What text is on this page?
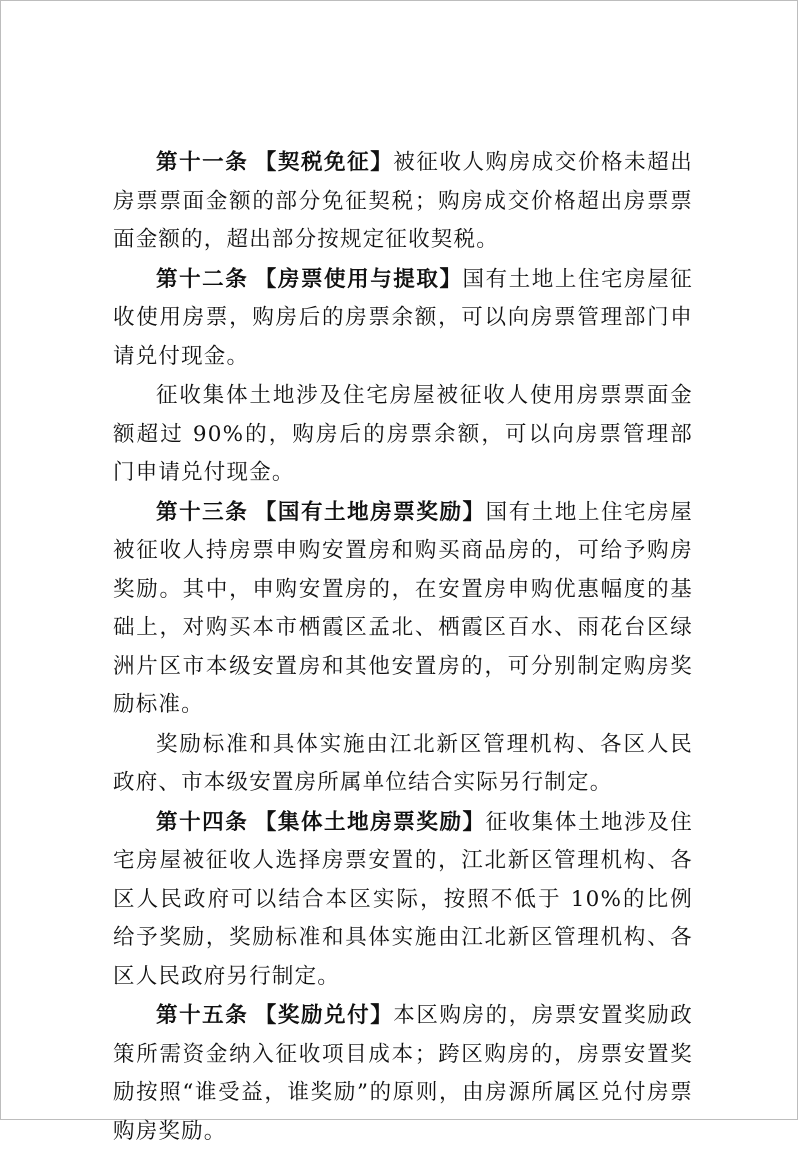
第十一条 【契税免征】被征收人购房成交价格未超出房票票面金额的部分免征契税；购房成交价格超出房票票面金额的，超出部分按规定征收契税。

第十二条 【房票使用与提取】国有土地上住宅房屋征收使用房票，购房后的房票余额，可以向房票管理部门申请兑付现金。

征收集体土地涉及住宅房屋被征收人使用房票票面金额超过 90%的，购房后的房票余额，可以向房票管理部门申请兑付现金。

第十三条 【国有土地房票奖励】国有土地上住宅房屋被征收人持房票申购安置房和购买商品房的，可给予购房奖励。其中，申购安置房的，在安置房申购优惠幅度的基础上，对购买本市栖霞区孟北、栖霞区百水、雨花台区绿洲片区市本级安置房和其他安置房的，可分别制定购房奖励标准。

奖励标准和具体实施由江北新区管理机构、各区人民政府、市本级安置房所属单位结合实际另行制定。

第十四条 【集体土地房票奖励】征收集体土地涉及住宅房屋被征收人选择房票安置的，江北新区管理机构、各区人民政府可以结合本区实际，按照不低于 10%的比例给予奖励，奖励标准和具体实施由江北新区管理机构、各区人民政府另行制定。

第十五条 【奖励兑付】本区购房的，房票安置奖励政策所需资金纳入征收项目成本；跨区购房的，房票安置奖励按照“谁受益，谁奖励”的原则，由房源所属区兑付房票购房奖励。
